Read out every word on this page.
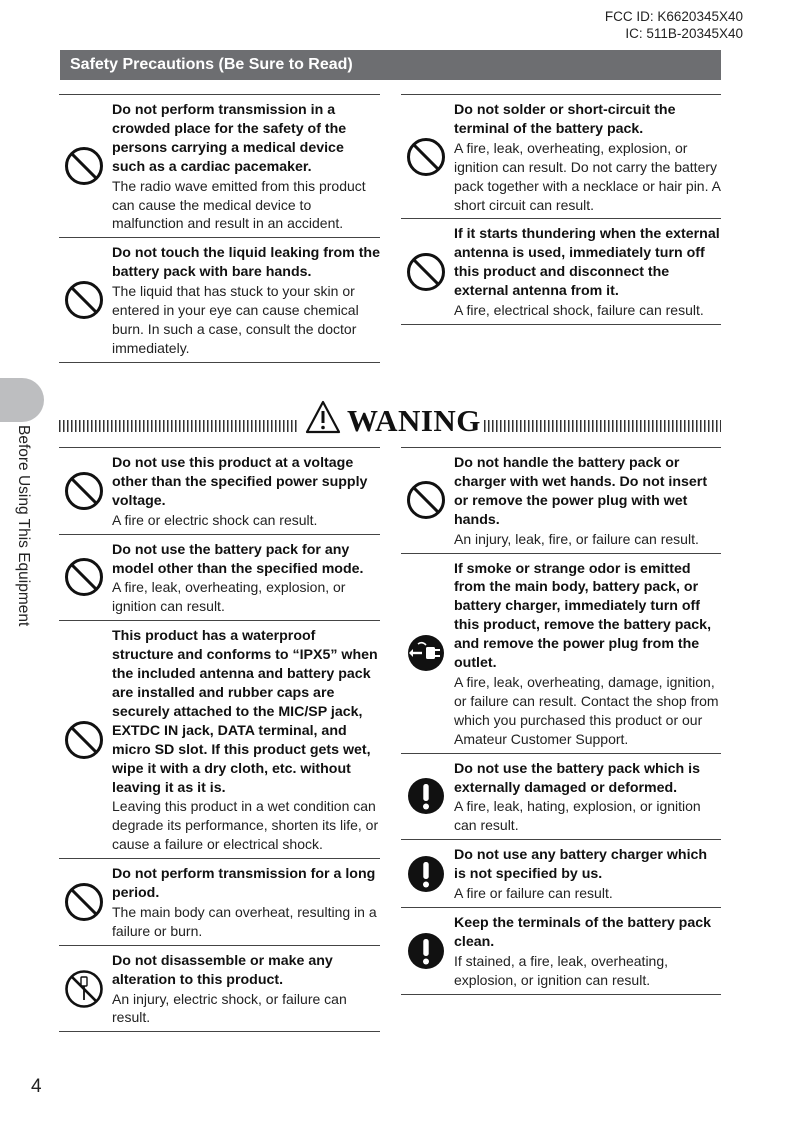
FCC ID: K6620345X40
IC: 511B-20345X40
Safety Precautions (Be Sure to Read)
Do not perform transmission in a crowded place for the safety of the persons carrying a medical device such as a cardiac pacemaker.
The radio wave emitted from this product can cause the medical device to malfunction and result in an accident.
Do not touch the liquid leaking from the battery pack with bare hands.
The liquid that has stuck to your skin or entered in your eye can cause chemical burn. In such a case, consult the doctor immediately.
Do not solder or short-circuit the terminal of the battery pack.
A fire, leak, overheating, explosion, or ignition can result. Do not carry the battery pack together with a necklace or hair pin. A short circuit can result.
If it starts thundering when the external antenna is used, immediately turn off this product and disconnect the external antenna from it.
A fire, electrical shock, failure can result.
Before Using This Equipment
WANING
Do not use this product at a voltage other than the specified power supply voltage.
A fire or electric shock can result.
Do not use the battery pack for any model other than the specified mode.
A fire, leak, overheating, explosion, or ignition can result.
This product has a waterproof structure and conforms to “IPX5” when the included antenna and battery pack are installed and rubber caps are securely attached to the MIC/SP jack, EXTDC IN jack, DATA terminal, and micro SD slot. If this product gets wet, wipe it with a dry cloth, etc. without leaving it as it is.
Leaving this product in a wet condition can degrade its performance, shorten its life, or cause a failure or electrical shock.
Do not perform transmission for a long period.
The main body can overheat, resulting in a failure or burn.
Do not disassemble or make any alteration to this product.
An injury, electric shock, or failure can result.
Do not handle the battery pack or charger with wet hands. Do not insert or remove the power plug with wet hands.
An injury, leak, fire, or failure can result.
If smoke or strange odor is emitted from the main body, battery pack, or battery charger, immediately turn off this product, remove the battery pack, and remove the power plug from the outlet.
A fire, leak, overheating, damage, ignition, or failure can result. Contact the shop from which you purchased this product or our Amateur Customer Support.
Do not use the battery pack which is externally damaged or deformed.
A fire, leak, hating, explosion, or ignition can result.
Do not use any battery charger which is not specified by us.
A fire or failure can result.
Keep the terminals of the battery pack clean.
If stained, a fire, leak, overheating, explosion, or ignition can result.
4
